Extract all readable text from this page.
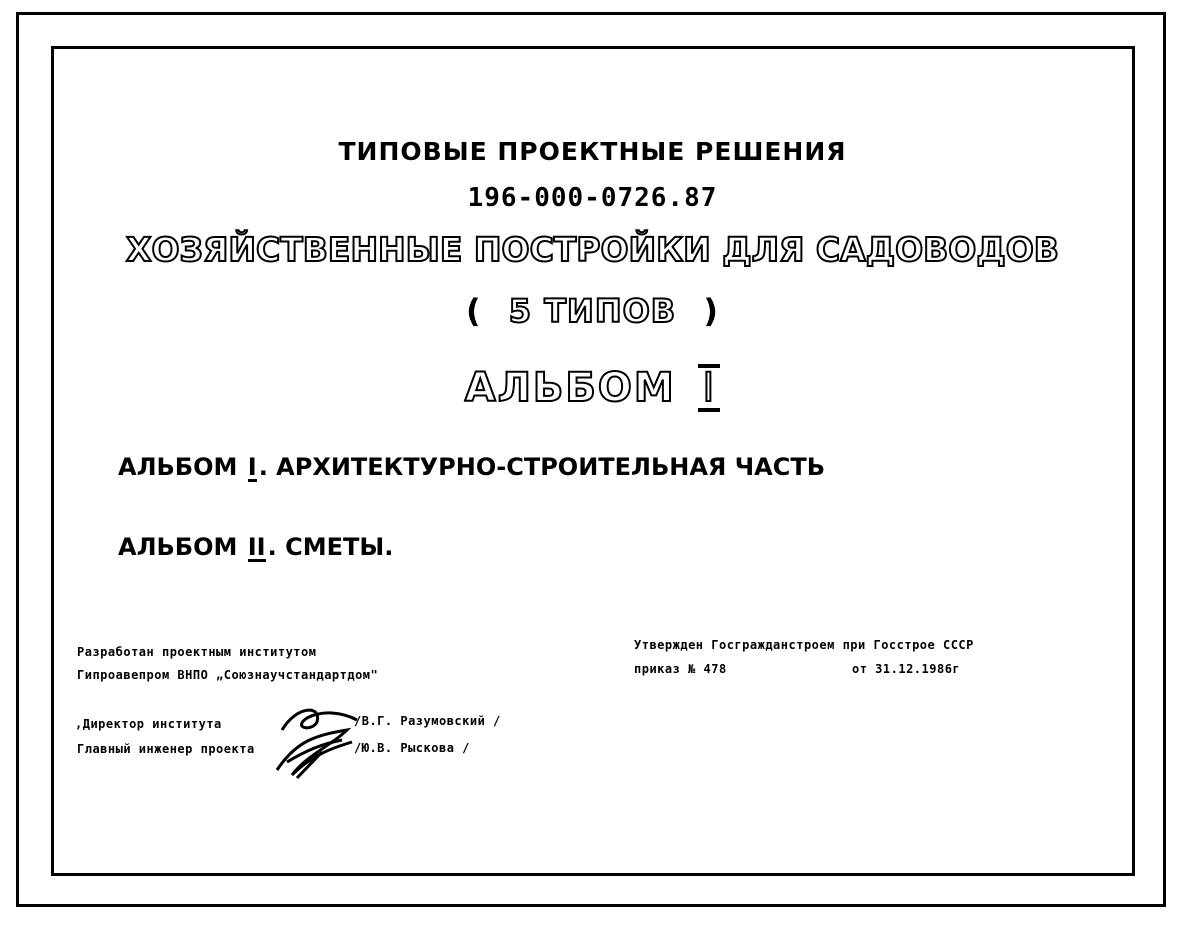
ТИПОВЫЕ ПРОЕКТНЫЕ РЕШЕНИЯ
196-000-0726.87
ХОЗЯЙСТВЕННЫЕ ПОСТРОЙКИ ДЛЯ САДОВОДОВ
( 5 ТИПОВ )
АЛЬБОМ I
АЛЬБОМ I. АРХИТЕКТУРНО-СТРОИТЕЛЬНАЯ ЧАСТЬ
АЛЬБОМ II. СМЕТЫ.
Разработан проектным институтом
Гипроавепром ВНПО „Союзнаучстандартдом"
Утвержден Госгражданстроем при Госстрое СССР
приказ № 478	от 31.12.1986г
,Директор института	/В.Г. Разумовский /
Главный инженер проекта	/Ю.В. Рыскова /
